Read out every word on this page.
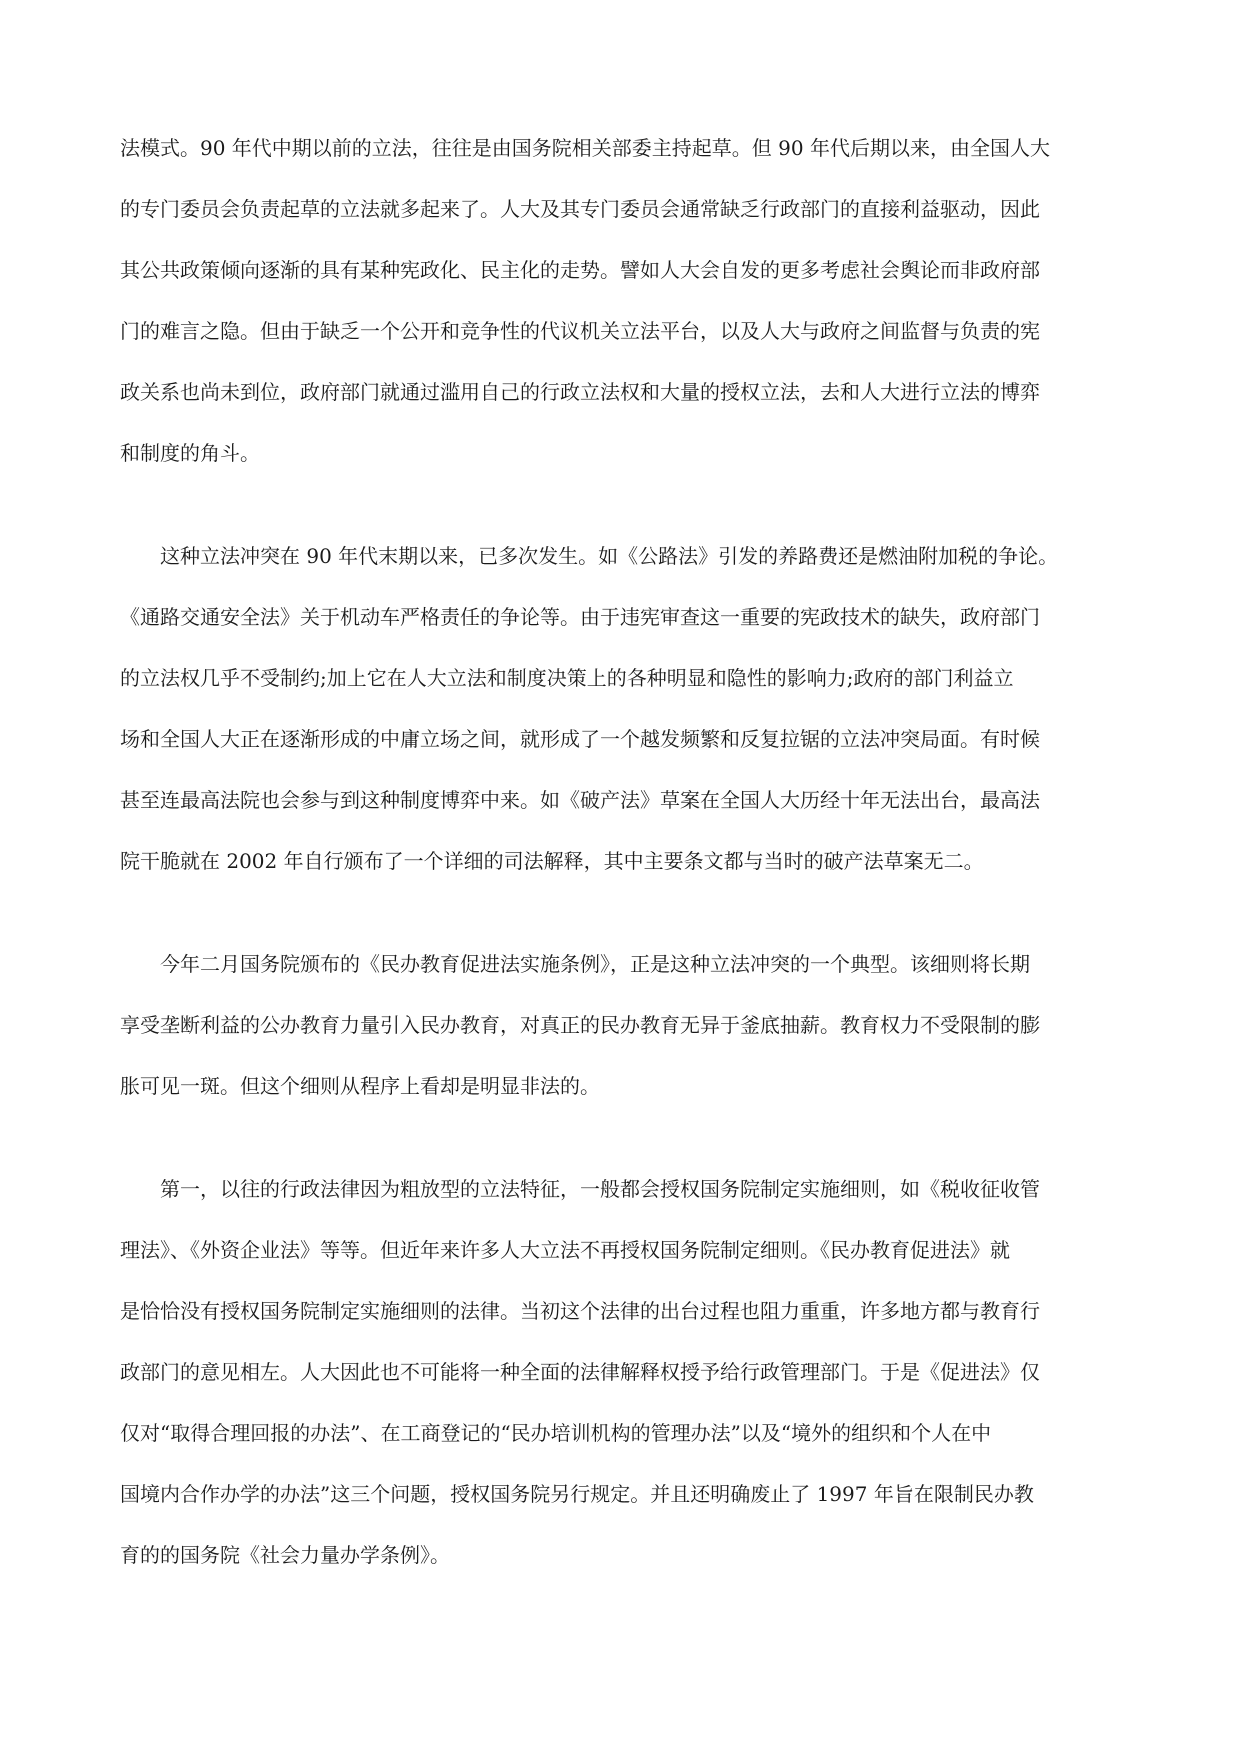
法模式。90 年代中期以前的立法，往往是由国务院相关部委主持起草。但 90 年代后期以来，由全国人大
的专门委员会负责起草的立法就多起来了。人大及其专门委员会通常缺乏行政部门的直接利益驱动，因此
其公共政策倾向逐渐的具有某种宪政化、民主化的走势。譬如人大会自发的更多考虑社会舆论而非政府部
门的难言之隐。但由于缺乏一个公开和竞争性的代议机关立法平台，以及人大与政府之间监督与负责的宪
政关系也尚未到位，政府部门就通过滥用自己的行政立法权和大量的授权立法，去和人大进行立法的博弈
和制度的角斗。
这种立法冲突在 90 年代末期以来，已多次发生。如《公路法》引发的养路费还是燃油附加税的争论。
《通路交通安全法》关于机动车严格责任的争论等。由于违宪审查这一重要的宪政技术的缺失，政府部门
的立法权几乎不受制约;加上它在人大立法和制度决策上的各种明显和隐性的影响力;政府的部门利益立
场和全国人大正在逐渐形成的中庸立场之间，就形成了一个越发频繁和反复拉锯的立法冲突局面。有时候
甚至连最高法院也会参与到这种制度博弈中来。如《破产法》草案在全国人大历经十年无法出台，最高法
院干脆就在 2002 年自行颁布了一个详细的司法解释，其中主要条文都与当时的破产法草案无二。
今年二月国务院颁布的《民办教育促进法实施条例》，正是这种立法冲突的一个典型。该细则将长期
享受垄断利益的公办教育力量引入民办教育，对真正的民办教育无异于釜底抽薪。教育权力不受限制的膨
胀可见一斑。但这个细则从程序上看却是明显非法的。
第一，以往的行政法律因为粗放型的立法特征，一般都会授权国务院制定实施细则，如《税收征收管
理法》、《外资企业法》等等。但近年来许多人大立法不再授权国务院制定细则。《民办教育促进法》就
是恰恰没有授权国务院制定实施细则的法律。当初这个法律的出台过程也阻力重重，许多地方都与教育行
政部门的意见相左。人大因此也不可能将一种全面的法律解释权授予给行政管理部门。于是《促进法》仅
仅对“取得合理回报的办法”、在工商登记的“民办培训机构的管理办法”以及“境外的组织和个人在中
国境内合作办学的办法”这三个问题，授权国务院另行规定。并且还明确废止了 1997 年旨在限制民办教
育的的国务院《社会力量办学条例》。
